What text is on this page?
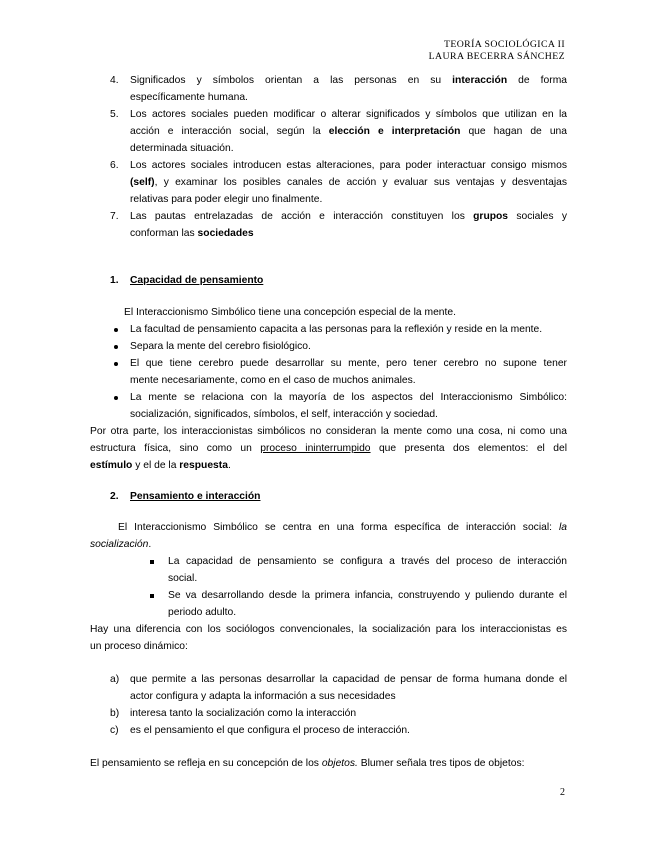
TEORÍA SOCIOLÓGICA II
LAURA BECERRA SÁNCHEZ
4. Significados y símbolos orientan a las personas en su interacción de forma
específicamente humana.
5. Los actores sociales pueden modificar o alterar significados y símbolos que utilizan en la
acción e interacción social, según la elección e interpretación que hagan de una
determinada situación.
6. Los actores sociales introducen estas alteraciones, para poder interactuar consigo mismos
(self), y examinar los posibles canales de acción y evaluar sus ventajas y desventajas
relativas para poder elegir uno finalmente.
7. Las pautas entrelazadas de acción e interacción constituyen los grupos sociales y
conforman las sociedades
1. Capacidad de pensamiento
El Interaccionismo Simbólico tiene una concepción especial de la mente.
La facultad de pensamiento capacita a las personas para la reflexión y reside en la mente.
Separa la mente del cerebro fisiológico.
El que tiene cerebro puede desarrollar su mente, pero tener cerebro no supone tener
mente necesariamente, como en el caso de muchos animales.
La mente se relaciona con la mayoría de los aspectos del Interaccionismo Simbólico:
socialización, significados, símbolos, el self, interacción y sociedad.
Por otra parte, los interaccionistas simbólicos no consideran la mente como una cosa, ni como una
estructura física, sino como un proceso ininterrumpido que presenta dos elementos: el del
estímulo y el de la respuesta.
2. Pensamiento e interacción
El Interaccionismo Simbólico se centra en una forma específica de interacción social: la
socialización.
La capacidad de pensamiento se configura a través del proceso de interacción
social.
Se va desarrollando desde la primera infancia, construyendo y puliendo durante el
periodo adulto.
Hay una diferencia con los sociólogos convencionales, la socialización para los interaccionistas es
un proceso dinámico:
a) que permite a las personas desarrollar la capacidad de pensar de forma humana donde el
actor configura y adapta la información a sus necesidades
b) interesa tanto la socialización como la interacción
c) es el pensamiento el que configura el proceso de interacción.
El pensamiento se refleja en su concepción de los objetos. Blumer señala tres tipos de objetos:
2
